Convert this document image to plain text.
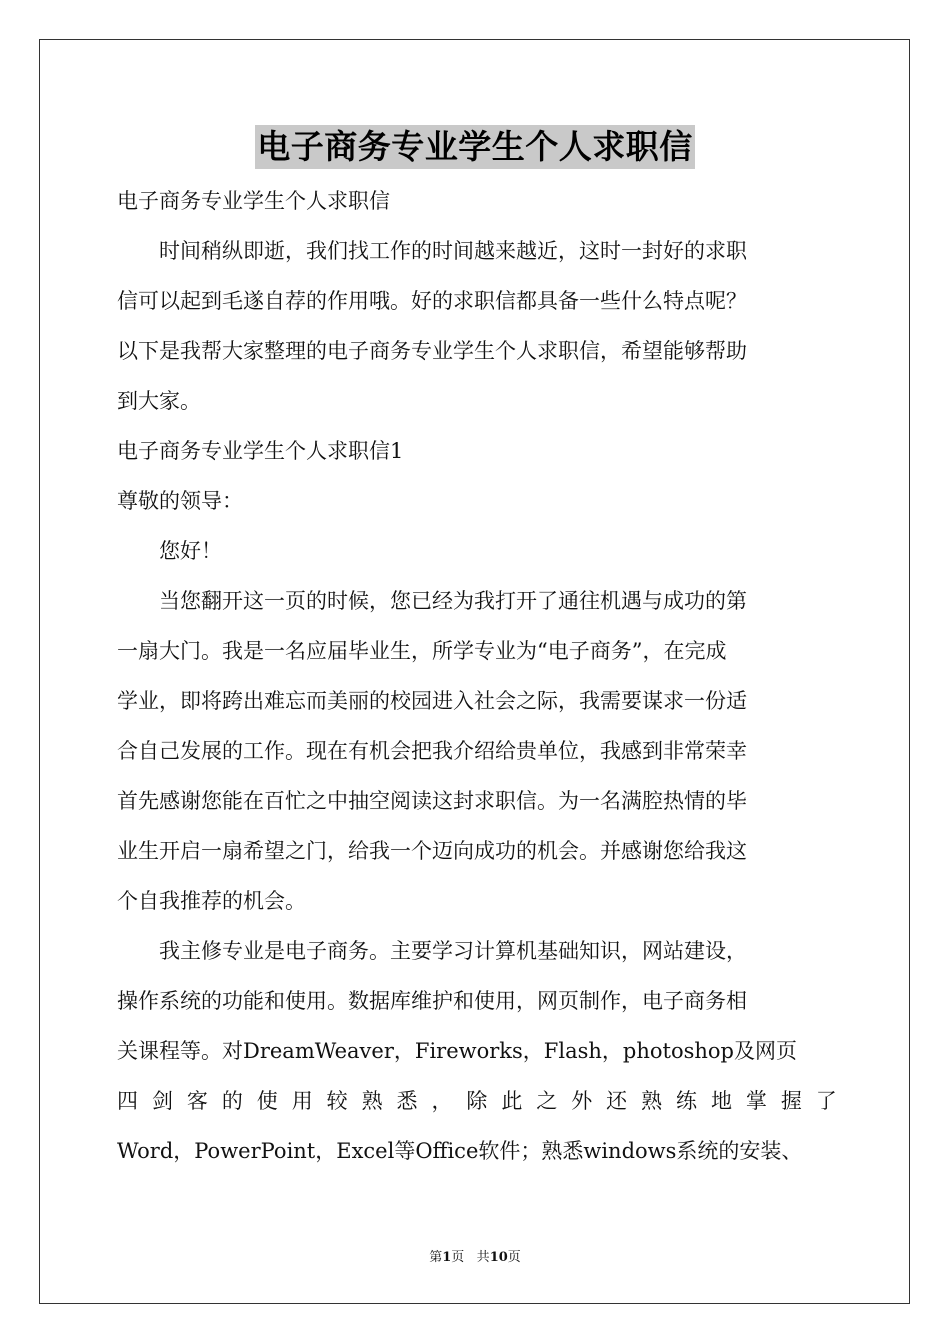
电子商务专业学生个人求职信
电子商务专业学生个人求职信
时间稍纵即逝，我们找工作的时间越来越近，这时一封好的求职
信可以起到毛遂自荐的作用哦。好的求职信都具备一些什么特点呢？
以下是我帮大家整理的电子商务专业学生个人求职信，希望能够帮助
到大家。
电子商务专业学生个人求职信1
尊敬的领导：
您好！
当您翻开这一页的时候，您已经为我打开了通往机遇与成功的第
一扇大门。我是一名应届毕业生，所学专业为“电子商务”，在完成
学业，即将跨出难忘而美丽的校园进入社会之际，我需要谋求一份适
合自己发展的工作。现在有机会把我介绍给贵单位，我感到非常荣幸
首先感谢您能在百忙之中抽空阅读这封求职信。为一名满腔热情的毕
业生开启一扇希望之门，给我一个迈向成功的机会。并感谢您给我这
个自我推荐的机会。
我主修专业是电子商务。主要学习计算机基础知识，网站建设，
操作系统的功能和使用。数据库维护和使用，网页制作，电子商务相
关课程等。对DreamWeaver，Fireworks，Flash，photoshop及网页
四 剑 客 的 使 用 较 熟 悉 ， 除 此 之 外 还 熟 练 地 掌 握 了
Word，PowerPoint，Excel等Office软件；熟悉windows系统的安装、
第1页 共10页
